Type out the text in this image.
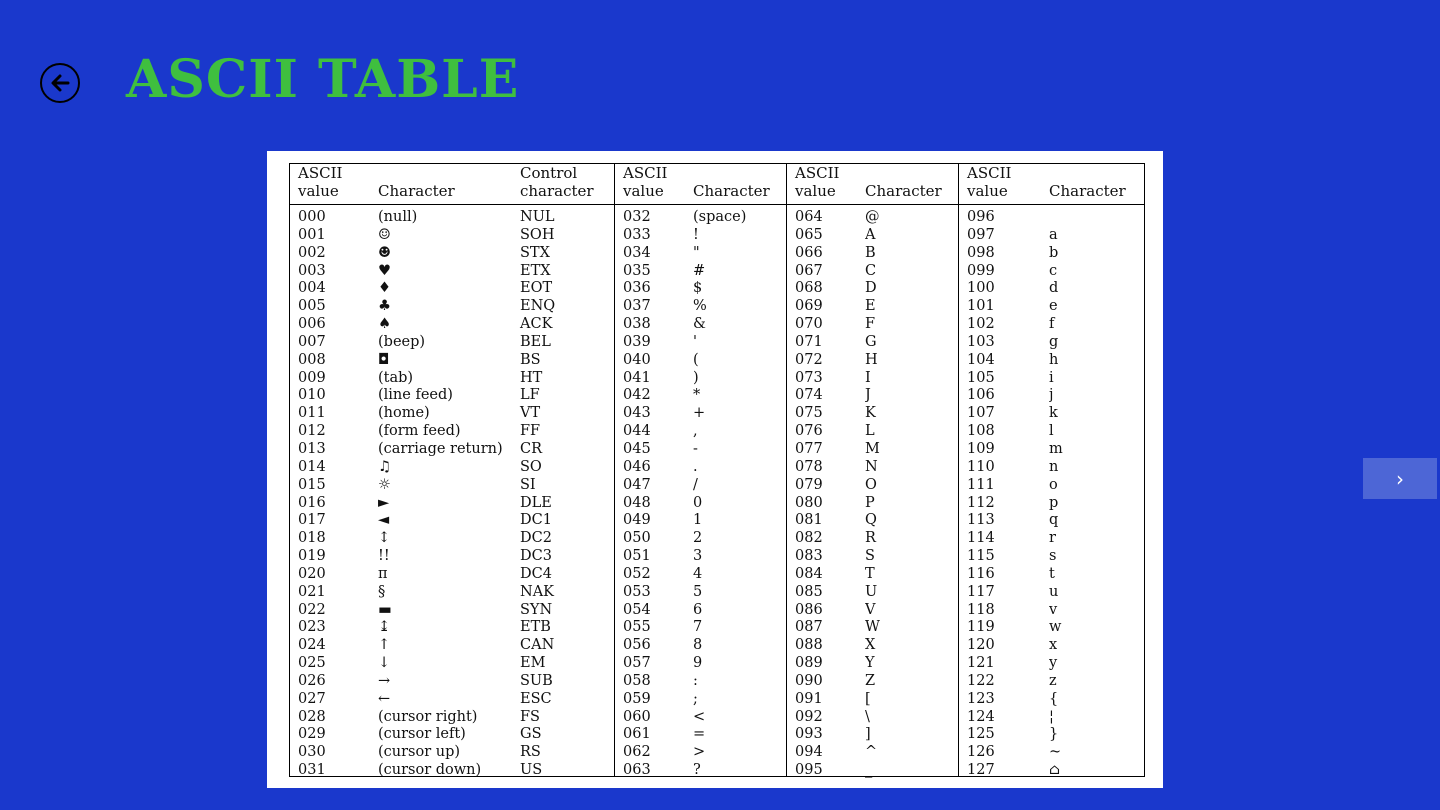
ASCII TABLE
ASCII
value	Character
Control
character
000	(null)	NUL
001	☺	SOH
002	☻	STX
003	♥	ETX
004	♦	EOT
005	♣	ENQ
006	♠	ACK
007	(beep)	BEL
008	◘	BS
009	(tab)	HT
010	(line feed)	LF
011	(home)	VT
012	(form feed)	FF
013	(carriage return)	CR
014	♫	SO
015	☼	SI
016	►	DLE
017	◄	DC1
018	↕	DC2
019	!!	DC3
020	π	DC4
021	§	NAK
022	▬	SYN
023	↨	ETB
024	↑	CAN
025	↓	EM
026	→	SUB
027	←	ESC
028	(cursor right)	FS
029	(cursor left)	GS
030	(cursor up)	RS
031	(cursor down)	US
ASCII
value	Character
032	(space)
033	!
034	"
035	#
036	$
037	%
038	&
039	'
040	(
041	)
042	*
043	+
044	,
045	-
046	.
047	/
048	0
049	1
050	2
051	3
052	4
053	5
054	6
055	7
056	8
057	9
058	:
059	;
060	<
061	=
062	>
063	?
ASCII
value	Character
064	@
065	A
066	B
067	C
068	D
069	E
070	F
071	G
072	H
073	I
074	J
075	K
076	L
077	M
078	N
079	O
080	P
081	Q
082	R
083	S
084	T
085	U
086	V
087	W
088	X
089	Y
090	Z
091	[
092	\
093	]
094	^
095	_
ASCII
value	Character
096
097	a
098	b
099	c
100	d
101	e
102	f
103	g
104	h
105	i
106	j
107	k
108	l
109	m
110	n
111	o
112	p
113	q
114	r
115	s
116	t
117	u
118	v
119	w
120	x
121	y
122	z
123	{
124	¦
125	}
126	~
127	⌂
›
